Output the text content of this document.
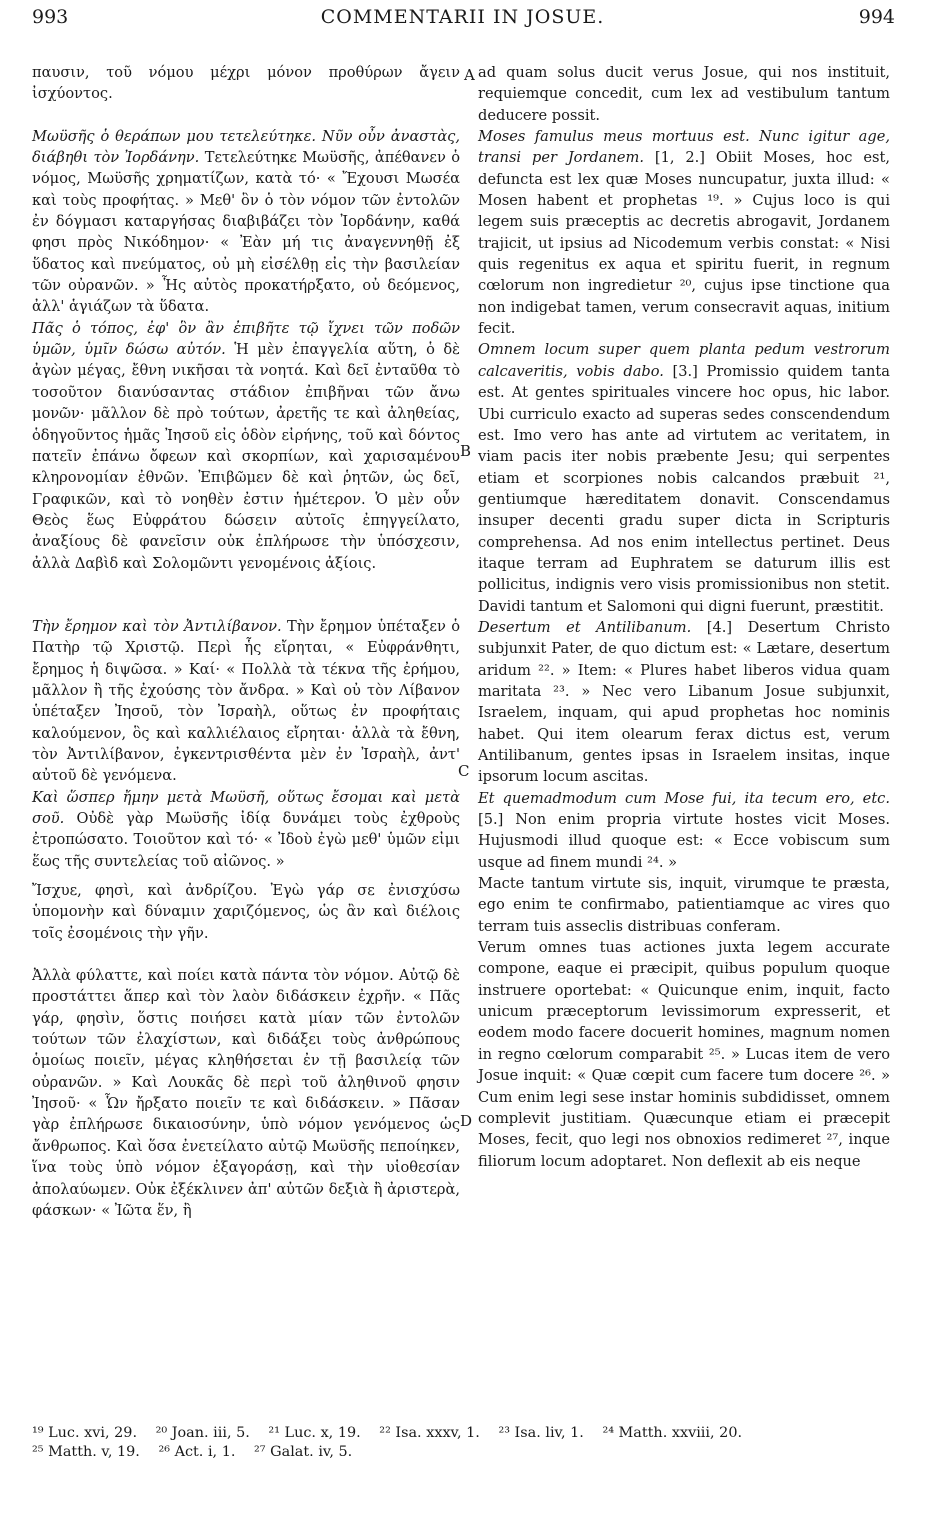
993	COMMENTARII IN JOSUE.	994

παυσιν, τοῦ νόμου μέχρι μόνον προθύρων ἄγειν ἰσχύοντος.

Μωϋσῆς ὁ θεράπων μου τετελεύτηκε. Νῦν οὖν ἀναστὰς, διάβηθι τὸν Ἰορδάνην. Τετελεύτηκε Μωϋσῆς, ἀπέθανεν ὁ νόμος, Μωϋσῆς χρηματίζων, κατὰ τό· « Ἔχουσι Μωσέα καὶ τοὺς προφήτας. » Μεθ' ὃν ὁ τὸν νόμον τῶν ἐντολῶν ἐν δόγμασι καταργήσας διαβιβάζει τὸν Ἰορδάνην, καθά φησι πρὸς Νικόδημον· « Ἐὰν μή τις ἀναγεννηθῇ ἐξ ὕδατος καὶ πνεύματος, οὐ μὴ εἰσέλθῃ εἰς τὴν βασιλείαν τῶν οὐρανῶν. » Ἧς αὐτὸς προκατήρξατο, οὐ δεόμενος, ἀλλ' ἁγιάζων τὰ ὕδατα.

Πᾶς ὁ τόπος, ἐφ' ὃν ἂν ἐπιβῆτε τῷ ἴχνει τῶν ποδῶν ὑμῶν, ὑμῖν δώσω αὐτόν. Ἡ μὲν ἐπαγγελία αὕτη, ὁ δὲ ἀγὼν μέγας, ἔθνη νικῆσαι τὰ νοητά. Καὶ δεῖ ἐνταῦθα τὸ τοσοῦτον διανύσαντας στάδιον ἐπιβῆναι τῶν ἄνω μονῶν· μᾶλλον δὲ πρὸ τούτων, ἀρετῆς τε καὶ ἀληθείας, ὁδηγοῦντος ἡμᾶς Ἰησοῦ εἰς ὁδὸν εἰρήνης, τοῦ καὶ δόντος πατεῖν ἐπάνω ὄφεων καὶ σκορπίων, καὶ χαρισαμένου κληρονομίαν ἐθνῶν. Ἐπιβῶμεν δὲ καὶ ῥητῶν, ὡς δεῖ, Γραφικῶν, καὶ τὸ νοηθὲν ἐστιν ἡμέτερον. Ὁ μὲν οὖν Θεὸς ἕως Εὐφράτου δώσειν αὐτοῖς ἐπηγγείλατο, ἀναξίους δὲ φανεῖσιν οὐκ ἐπλήρωσε τὴν ὑπόσχεσιν, ἀλλὰ Δαβὶδ καὶ Σολομῶντι γενομένοις ἀξίοις.

Τὴν ἔρημον καὶ τὸν Ἀντιλίβανον. Τὴν ἔρημον ὑπέταξεν ὁ Πατὴρ τῷ Χριστῷ. Περὶ ἧς εἴρηται, « Εὐφράνθητι, ἔρημος ἡ διψῶσα. » Καί· « Πολλὰ τὰ τέκνα τῆς ἐρήμου, μᾶλλον ἢ τῆς ἐχούσης τὸν ἄνδρα. » Καὶ οὐ τὸν Λίβανον ὑπέταξεν Ἰησοῦ, τὸν Ἰσραὴλ, οὕτως ἐν προφήταις καλούμενον, ὃς καὶ καλλιέλαιος εἴρηται· ἀλλὰ τὰ ἔθνη, τὸν Ἀντιλίβανον, ἐγκεντρισθέντα μὲν ἐν Ἰσραὴλ, ἀντ' αὐτοῦ δὲ γενόμενα.

Καὶ ὥσπερ ἤμην μετὰ Μωϋσῆ, οὕτως ἔσομαι καὶ μετὰ σοῦ. Οὐδὲ γὰρ Μωϋσῆς ἰδίᾳ δυνάμει τοὺς ἐχθροὺς ἐτροπώσατο. Τοιοῦτον καὶ τό· « Ἰδοὺ ἐγὼ μεθ' ὑμῶν εἰμι ἕως τῆς συντελείας τοῦ αἰῶνος. »

Ἴσχυε, φησὶ, καὶ ἀνδρίζου. Ἐγὼ γάρ σε ἐνισχύσω ὑπομονὴν καὶ δύναμιν χαριζόμενος, ὡς ἂν καὶ διέλοις τοῖς ἐσομένοις τὴν γῆν.

Ἀλλὰ φύλαττε, καὶ ποίει κατὰ πάντα τὸν νόμον. Αὐτῷ δὲ προστάττει ἅπερ καὶ τὸν λαὸν διδάσκειν ἐχρῆν. « Πᾶς γάρ, φησὶν, ὅστις ποιήσει κατὰ μίαν τῶν ἐντολῶν τούτων τῶν ἐλαχίστων, καὶ διδάξει τοὺς ἀνθρώπους ὁμοίως ποιεῖν, μέγας κληθήσεται ἐν τῇ βασιλείᾳ τῶν οὐρανῶν. » Καὶ Λουκᾶς δὲ περὶ τοῦ ἀληθινοῦ φησιν Ἰησοῦ· « Ὧν ἤρξατο ποιεῖν τε καὶ διδάσκειν. » Πᾶσαν γὰρ ἐπλήρωσε δικαιοσύνην, ὑπὸ νόμον γενόμενος ὡς ἄνθρωπος. Καὶ ὅσα ἐνετείλατο αὐτῷ Μωϋσῆς πεποίηκεν, ἵνα τοὺς ὑπὸ νόμον ἐξαγοράσῃ, καὶ τὴν υἱοθεσίαν ἀπολαύωμεν. Οὐκ ἐξέκλινεν ἀπ' αὐτῶν δεξιὰ ἢ ἀριστερὰ, φάσκων· « Ἰῶτα ἕν, ἢ

ad quam solus ducit verus Josue, qui nos instituit, requiemque concedit, cum lex ad vestibulum tantum deducere possit.

Moses famulus meus mortuus est. Nunc igitur age, transi per Jordanem. [1, 2.] Obiit Moses, hoc est, defuncta est lex quæ Moses nuncupatur, juxta illud: « Mosen habent et prophetas ¹⁹. » Cujus loco is qui legem suis præceptis ac decretis abrogavit, Jordanem trajicit, ut ipsius ad Nicodemum verbis constat: « Nisi quis regenitus ex aqua et spiritu fuerit, in regnum cœlorum non ingredietur ²⁰, cujus ipse tinctione qua non indigebat tamen, verum consecravit aquas, initium fecit.

Omnem locum super quem planta pedum vestrorum calcaveritis, vobis dabo. [3.] Promissio quidem tanta est. At gentes spirituales vincere hoc opus, hic labor. Ubi curriculo exacto ad superas sedes conscendendum est. Imo vero has ante ad virtutem ac veritatem, in viam pacis iter nobis præbente Jesu; qui serpentes etiam et scorpiones nobis calcandos præbuit ²¹, gentiumque hæreditatem donavit. Conscendamus insuper decenti gradu super dicta in Scripturis comprehensa. Ad nos enim intellectus pertinet. Deus itaque terram ad Euphratem se daturum illis est pollicitus, indignis vero visis promissionibus non stetit. Davidi tantum et Salomoni qui digni fuerunt, præstitit.

Desertum et Antilibanum. [4.] Desertum Christo subjunxit Pater, de quo dictum est: « Lætare, desertum aridum ²². » Item: « Plures habet liberos vidua quam maritata ²³. » Nec vero Libanum Josue subjunxit, Israelem, inquam, qui apud prophetas hoc nominis habet. Qui item olearum ferax dictus est, verum Antilibanum, gentes ipsas in Israelem insitas, inque ipsorum locum ascitas.

Et quemadmodum cum Mose fui, ita tecum ero, etc. [5.] Non enim propria virtute hostes vicit Moses. Hujusmodi illud quoque est: « Ecce vobiscum sum usque ad finem mundi ²⁴. »

Macte tantum virtute sis, inquit, virumque te præsta, ego enim te confirmabo, patientiamque ac vires quo terram tuis asseclis distribuas conferam.

Verum omnes tuas actiones juxta legem accurate compone, eaque ei præcipit, quibus populum quoque instruere oportebat: « Quicunque enim, inquit, facto unicum præceptorum levissimorum expresserit, et eodem modo facere docuerit homines, magnum nomen in regno cœlorum comparabit ²⁵. » Lucas item de vero Josue inquit: « Quæ cœpit cum facere tum docere ²⁶. » Cum enim legi sese instar hominis subdidisset, omnem complevit justitiam. Quæcunque etiam ei præcepit Moses, fecit, quo legi nos obnoxios redimeret ²⁷, inque filiorum locum adoptaret. Non deflexit ab eis neque

A
B
C
D
¹⁹ Luc. xvi, 29. ²⁰ Joan. iii, 5. ²¹ Luc. x, 19. ²² Isa. xxxv, 1. ²³ Isa. liv, 1. ²⁴ Matth. xxviii, 20.
²⁵ Matth. v, 19. ²⁶ Act. i, 1. ²⁷ Galat. iv, 5.
